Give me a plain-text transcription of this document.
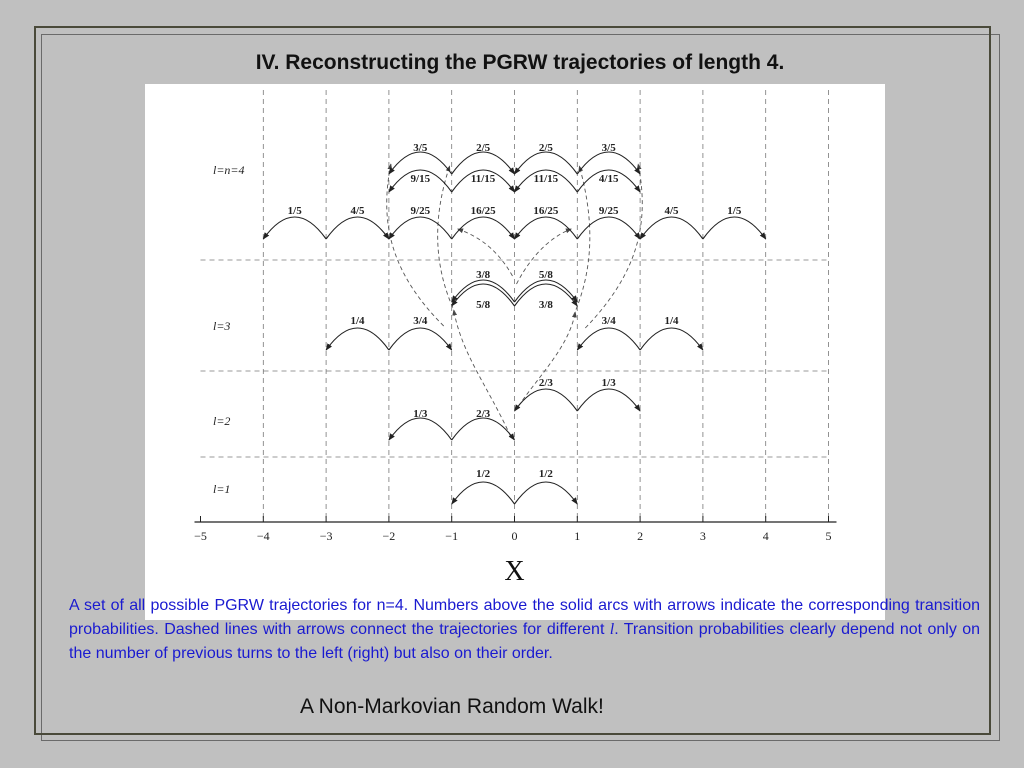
IV. Reconstructing the PGRW trajectories of length 4.
l=n=4
l=3
l=2
l=1
1/2	1/2
1/3	2/3
2/3	1/3
1/4	3/4
5/8	3/8
3/8	5/8
3/4	1/4
1/5	4/5	9/25	16/25	16/25	9/25	4/5	1/5
9/15	11/15	11/15	4/15
3/5	2/5	2/5	3/5
−5	−4	−3	−2	−1	0	1	2	3	4	5
X
A set of all possible PGRW trajectories for n=4. Numbers above the solid arcs with arrows indicate the corresponding transition probabilities. Dashed lines with arrows connect the trajectories for different l. Transition probabilities clearly depend not only on the number of previous turns to the left (right) but also on their order.
A Non-Markovian Random Walk!
